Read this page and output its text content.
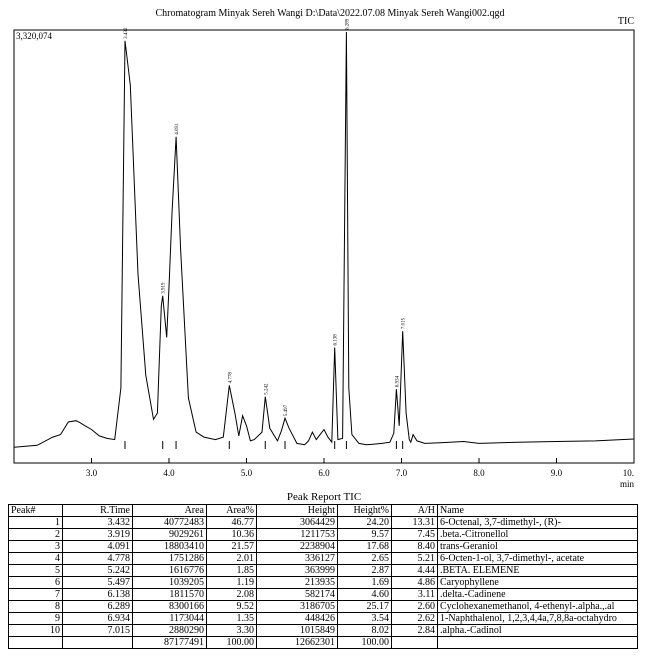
Chromatogram Minyak Sereh Wangi D:\Data\2022.07.08 Minyak Sereh Wangi002.qgd
TIC
3,320,074
3.0	4.0	5.0	6.0	7.0	8.0	9.0	10.
min
3.432
3.919
4.091
4.778
5.242
5.497
6.138
6.289
6.934
7.015
Peak Report TIC
Peak#	R.Time	Area	Area%	Height	Height%	A/H	Name
1	3.432	40772483	46.77	3064429	24.20	13.31	6-Octenal, 3,7-dimethyl-, (R)-
2	3.919	9029261	10.36	1211753	9.57	7.45	.beta.-Citronellol
3	4.091	18803410	21.57	2238904	17.68	8.40	trans-Geraniol
4	4.778	1751286	2.01	336127	2.65	5.21	6-Octen-1-ol, 3,7-dimethyl-, acetate
5	5.242	1616776	1.85	363999	2.87	4.44	.BETA. ELEMENE
6	5.497	1039205	1.19	213935	1.69	4.86	Caryophyllene
7	6.138	1811570	2.08	582174	4.60	3.11	.delta.-Cadinene
8	6.289	8300166	9.52	3186705	25.17	2.60	Cyclohexanemethanol, 4-ethenyl-.alpha.,.al
9	6.934	1173044	1.35	448426	3.54	2.62	1-Naphthalenol, 1,2,3,4,4a,7,8,8a-octahydro
10	7.015	2880290	3.30	1015849	8.02	2.84	.alpha.-Cadinol
		87177491	100.00	12662301	100.00		
